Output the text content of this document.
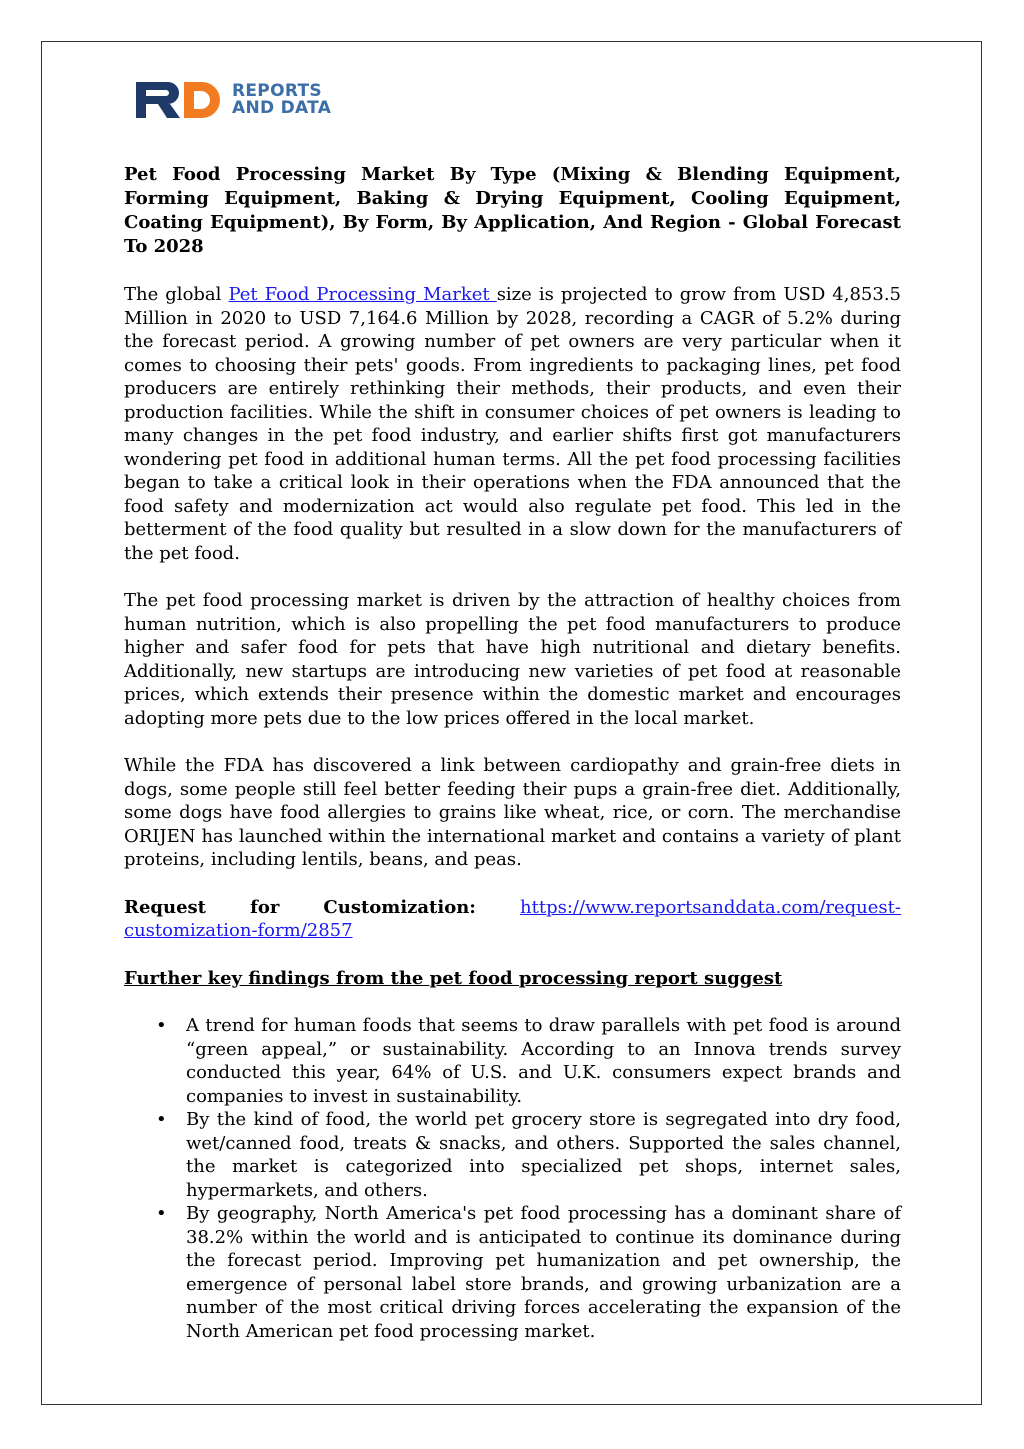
REPORTS
AND DATA
Pet Food Processing Market By Type (Mixing & Blending Equipment, Forming Equipment, Baking & Drying Equipment, Cooling Equipment, Coating Equipment), By Form, By Application, And Region - Global Forecast To 2028

The global Pet Food Processing Market size is projected to grow from USD 4,853.5 Million in 2020 to USD 7,164.6 Million by 2028, recording a CAGR of 5.2% during the forecast period. A growing number of pet owners are very particular when it comes to choosing their pets' goods. From ingredients to packaging lines, pet food producers are entirely rethinking their methods, their products, and even their production facilities. While the shift in consumer choices of pet owners is leading to many changes in the pet food industry, and earlier shifts first got manufacturers wondering pet food in additional human terms. All the pet food processing facilities began to take a critical look in their operations when the FDA announced that the food safety and modernization act would also regulate pet food. This led in the betterment of the food quality but resulted in a slow down for the manufacturers of the pet food.

The pet food processing market is driven by the attraction of healthy choices from human nutrition, which is also propelling the pet food manufacturers to produce higher and safer food for pets that have high nutritional and dietary benefits. Additionally, new startups are introducing new varieties of pet food at reasonable prices, which extends their presence within the domestic market and encourages adopting more pets due to the low prices offered in the local market.

While the FDA has discovered a link between cardiopathy and grain-free diets in dogs, some people still feel better feeding their pups a grain-free diet. Additionally, some dogs have food allergies to grains like wheat, rice, or corn. The merchandise ORIJEN has launched within the international market and contains a variety of plant proteins, including lentils, beans, and peas.

Request for Customization: https://www.reportsanddata.com/request-
customization-form/2857
Further key findings from the pet food processing report suggest
• A trend for human foods that seems to draw parallels with pet food is around “green appeal,” or sustainability. According to an Innova trends survey conducted this year, 64% of U.S. and U.K. consumers expect brands and companies to invest in sustainability.
• By the kind of food, the world pet grocery store is segregated into dry food, wet/canned food, treats & snacks, and others. Supported the sales channel, the market is categorized into specialized pet shops, internet sales, hypermarkets, and others.
• By geography, North America's pet food processing has a dominant share of 38.2% within the world and is anticipated to continue its dominance during the forecast period. Improving pet humanization and pet ownership, the emergence of personal label store brands, and growing urbanization are a number of the most critical driving forces accelerating the expansion of the North American pet food processing market.
